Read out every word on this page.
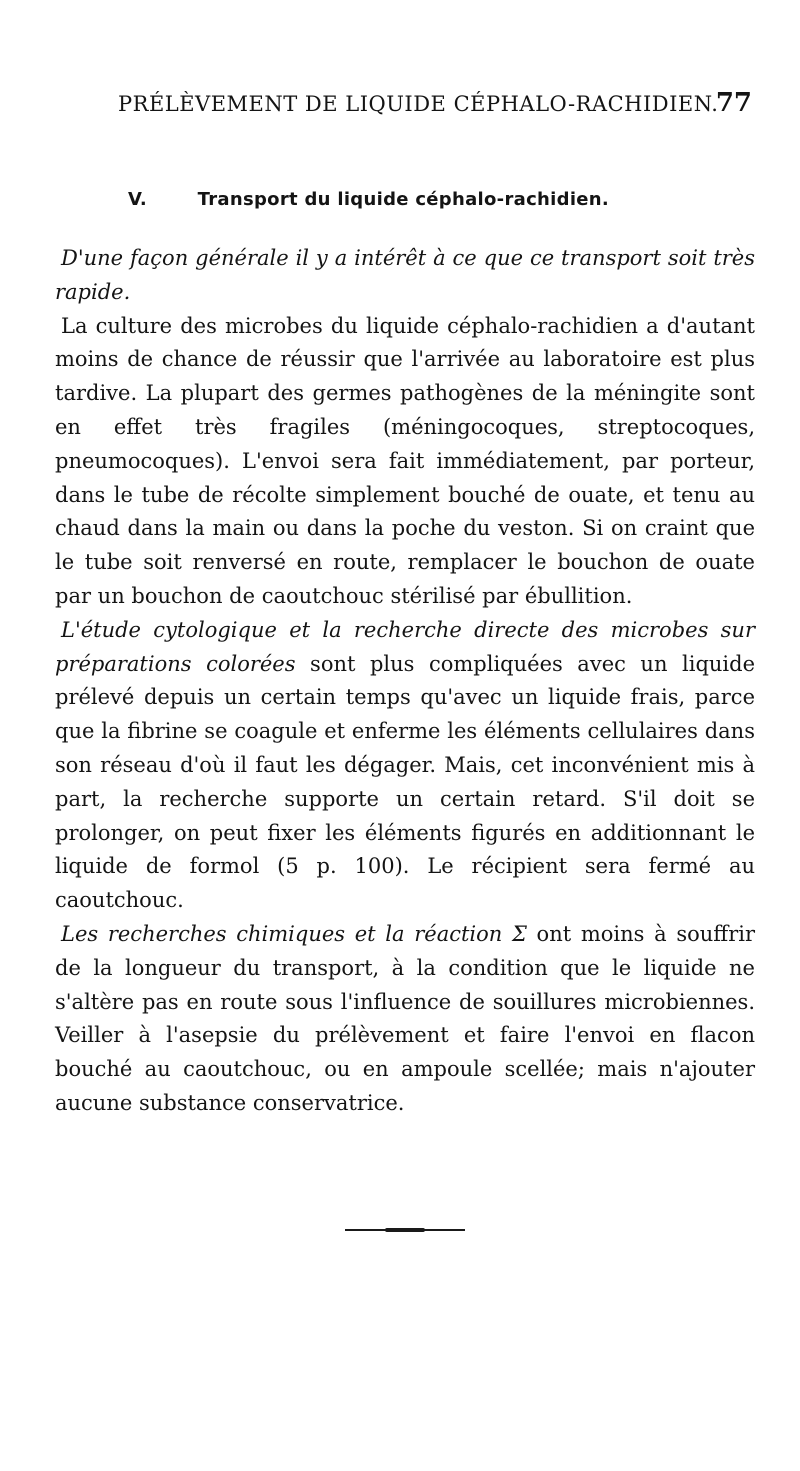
PRÉLÈVEMENT DE LIQUIDE CÉPHALO-RACHIDIEN.
77
V.	Transport du liquide céphalo-rachidien.

D'une façon générale il y a intérêt à ce que ce transport soit très rapide.

La culture des microbes du liquide céphalo-rachidien a d'autant moins de chance de réussir que l'arrivée au laboratoire est plus tardive. La plupart des germes pathogènes de la méningite sont en effet très fragiles (méningocoques, streptocoques, pneumocoques). L'envoi sera fait immédiatement, par porteur, dans le tube de récolte simplement bouché de ouate, et tenu au chaud dans la main ou dans la poche du veston. Si on craint que le tube soit renversé en route, remplacer le bouchon de ouate par un bouchon de caoutchouc stérilisé par ébullition.

L'étude cytologique et la recherche directe des microbes sur préparations colorées sont plus compliquées avec un liquide prélevé depuis un certain temps qu'avec un liquide frais, parce que la fibrine se coagule et enferme les éléments cellulaires dans son réseau d'où il faut les dégager. Mais, cet inconvénient mis à part, la recherche supporte un certain retard. S'il doit se prolonger, on peut fixer les éléments figurés en additionnant le liquide de formol (5 p. 100). Le récipient sera fermé au caoutchouc.

Les recherches chimiques et la réaction Σ ont moins à souffrir de la longueur du transport, à la condition que le liquide ne s'altère pas en route sous l'influence de souillures microbiennes. Veiller à l'asepsie du prélèvement et faire l'envoi en flacon bouché au caoutchouc, ou en ampoule scellée; mais n'ajouter aucune substance conservatrice.
